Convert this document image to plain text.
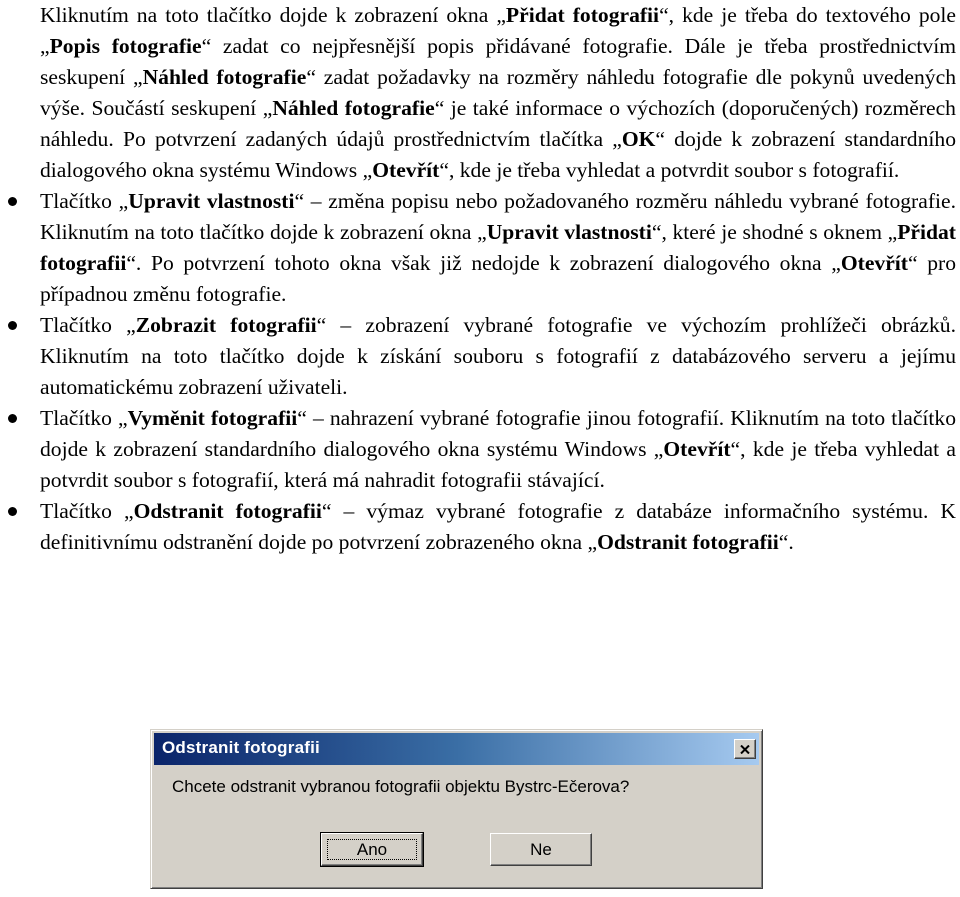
Kliknutím na toto tlačítko dojde k zobrazení okna „Přidat fotografii“, kde je třeba do textového pole „Popis fotografie“ zadat co nejpřesnější popis přidávané fotografie. Dále je třeba prostřednictvím seskupení „Náhled fotografie“ zadat požadavky na rozměry náhledu fotografie dle pokynů uvedených výše. Součástí seskupení „Náhled fotografie“ je také informace o výchozích (doporučených) rozměrech náhledu. Po potvrzení zadaných údajů prostřednictvím tlačítka „OK“ dojde k zobrazení standardního dialogového okna systému Windows „Otevřít“, kde je třeba vyhledat a potvrdit soubor s fotografií.

Tlačítko „Upravit vlastnosti“ – změna popisu nebo požadovaného rozměru náhledu vybrané fotografie. Kliknutím na toto tlačítko dojde k zobrazení okna „Upravit vlastnosti“, které je shodné s oknem „Přidat fotografii“. Po potvrzení tohoto okna však již nedojde k zobrazení dialogového okna „Otevřít“ pro případnou změnu fotografie.
Tlačítko „Zobrazit fotografii“ – zobrazení vybrané fotografie ve výchozím prohlížeči obrázků. Kliknutím na toto tlačítko dojde k získání souboru s fotografií z databázového serveru a jejímu automatickému zobrazení uživateli.
Tlačítko „Vyměnit fotografii“ – nahrazení vybrané fotografie jinou fotografií. Kliknutím na toto tlačítko dojde k zobrazení standardního dialogového okna systému Windows „Otevřít“, kde je třeba vyhledat a potvrdit soubor s fotografií, která má nahradit fotografii stávající.
Tlačítko „Odstranit fotografii“ – výmaz vybrané fotografie z databáze informačního systému. K definitivnímu odstranění dojde po potvrzení zobrazeného okna „Odstranit fotografii“.
Odstranit fotografii
Chcete odstranit vybranou fotografii objektu Bystrc-Ečerova?
Ano	Ne
